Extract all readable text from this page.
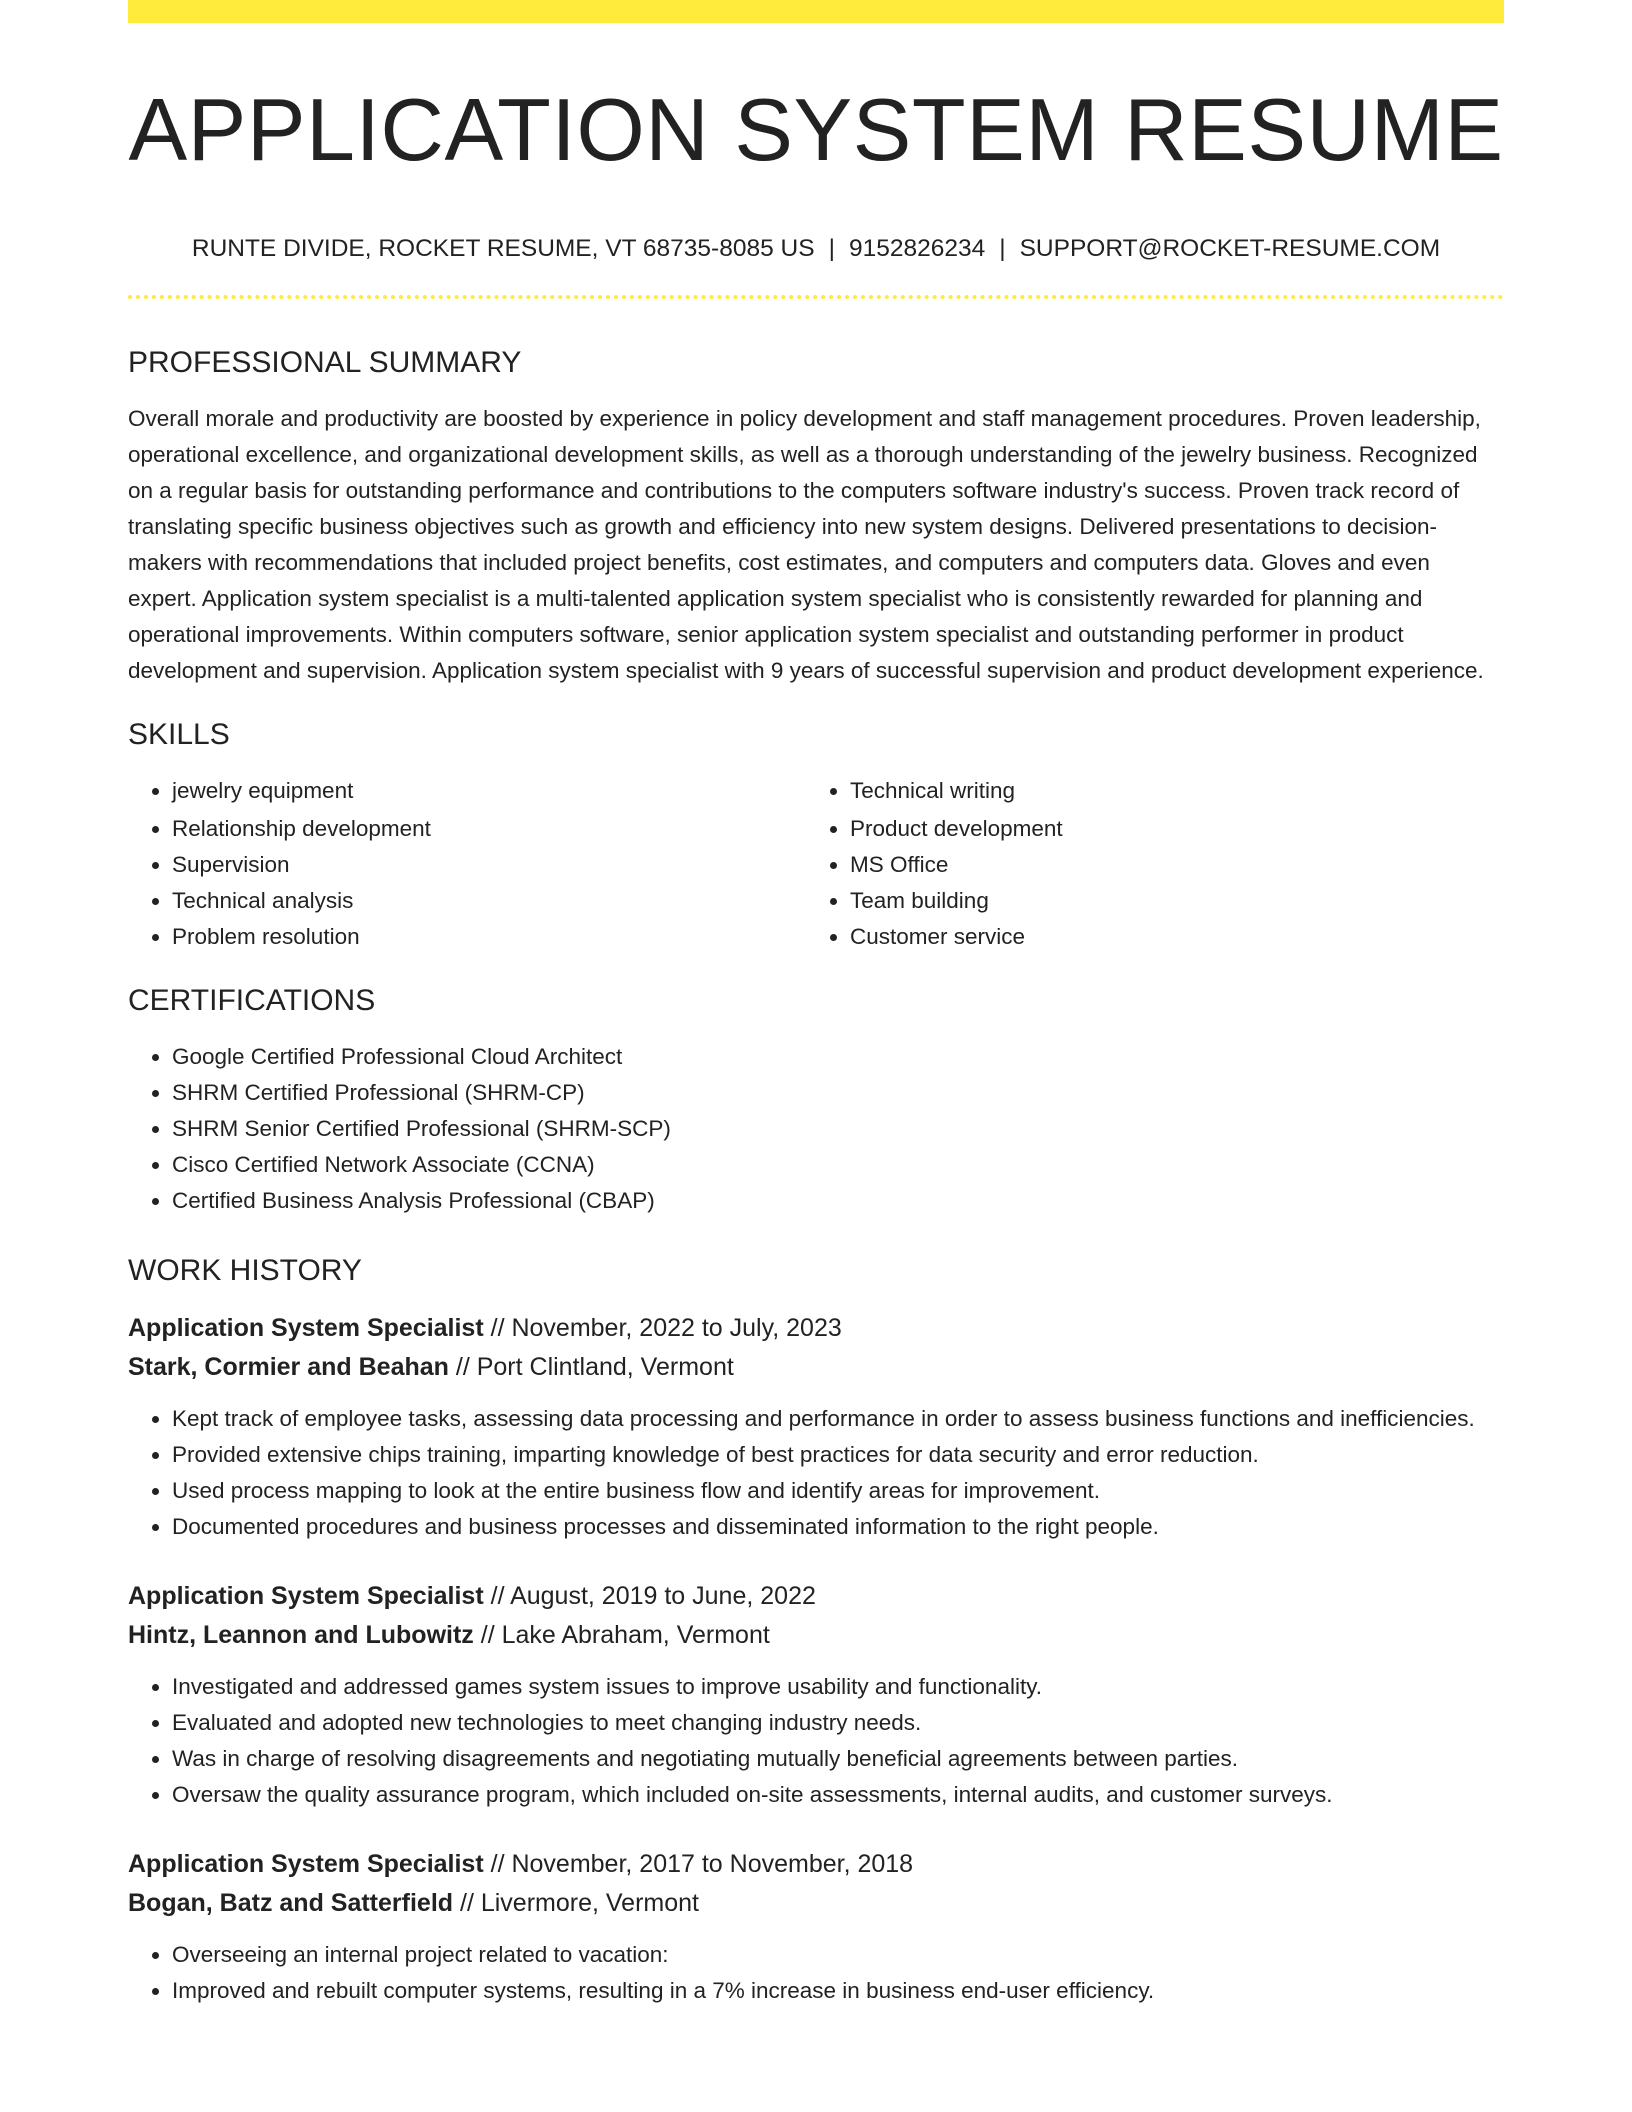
APPLICATION SYSTEM RESUME
RUNTE DIVIDE, ROCKET RESUME, VT 68735-8085 US | 9152826234 | SUPPORT@ROCKET-RESUME.COM
PROFESSIONAL SUMMARY

Overall morale and productivity are boosted by experience in policy development and staff management procedures. Proven leadership, operational excellence, and organizational development skills, as well as a thorough understanding of the jewelry business. Recognized on a regular basis for outstanding performance and contributions to the computers software industry's success. Proven track record of translating specific business objectives such as growth and efficiency into new system designs. Delivered presentations to decision-makers with recommendations that included project benefits, cost estimates, and computers and computers data. Gloves and even expert. Application system specialist is a multi-talented application system specialist who is consistently rewarded for planning and operational improvements. Within computers software, senior application system specialist and outstanding performer in product development and supervision. Application system specialist with 9 years of successful supervision and product development experience.

SKILLS
• jewelry equipment
• Relationship development
• Supervision
• Technical analysis
• Problem resolution
• Technical writing
• Product development
• MS Office
• Team building
• Customer service
CERTIFICATIONS
• Google Certified Professional Cloud Architect
• SHRM Certified Professional (SHRM-CP)
• SHRM Senior Certified Professional (SHRM-SCP)
• Cisco Certified Network Associate (CCNA)
• Certified Business Analysis Professional (CBAP)
WORK HISTORY
Application System Specialist // November, 2022 to July, 2023
Stark, Cormier and Beahan // Port Clintland, Vermont
• Kept track of employee tasks, assessing data processing and performance in order to assess business functions and inefficiencies.
• Provided extensive chips training, imparting knowledge of best practices for data security and error reduction.
• Used process mapping to look at the entire business flow and identify areas for improvement.
• Documented procedures and business processes and disseminated information to the right people.
Application System Specialist // August, 2019 to June, 2022
Hintz, Leannon and Lubowitz // Lake Abraham, Vermont
• Investigated and addressed games system issues to improve usability and functionality.
• Evaluated and adopted new technologies to meet changing industry needs.
• Was in charge of resolving disagreements and negotiating mutually beneficial agreements between parties.
• Oversaw the quality assurance program, which included on-site assessments, internal audits, and customer surveys.
Application System Specialist // November, 2017 to November, 2018
Bogan, Batz and Satterfield // Livermore, Vermont
• Overseeing an internal project related to vacation:
• Improved and rebuilt computer systems, resulting in a 7% increase in business end-user efficiency.
